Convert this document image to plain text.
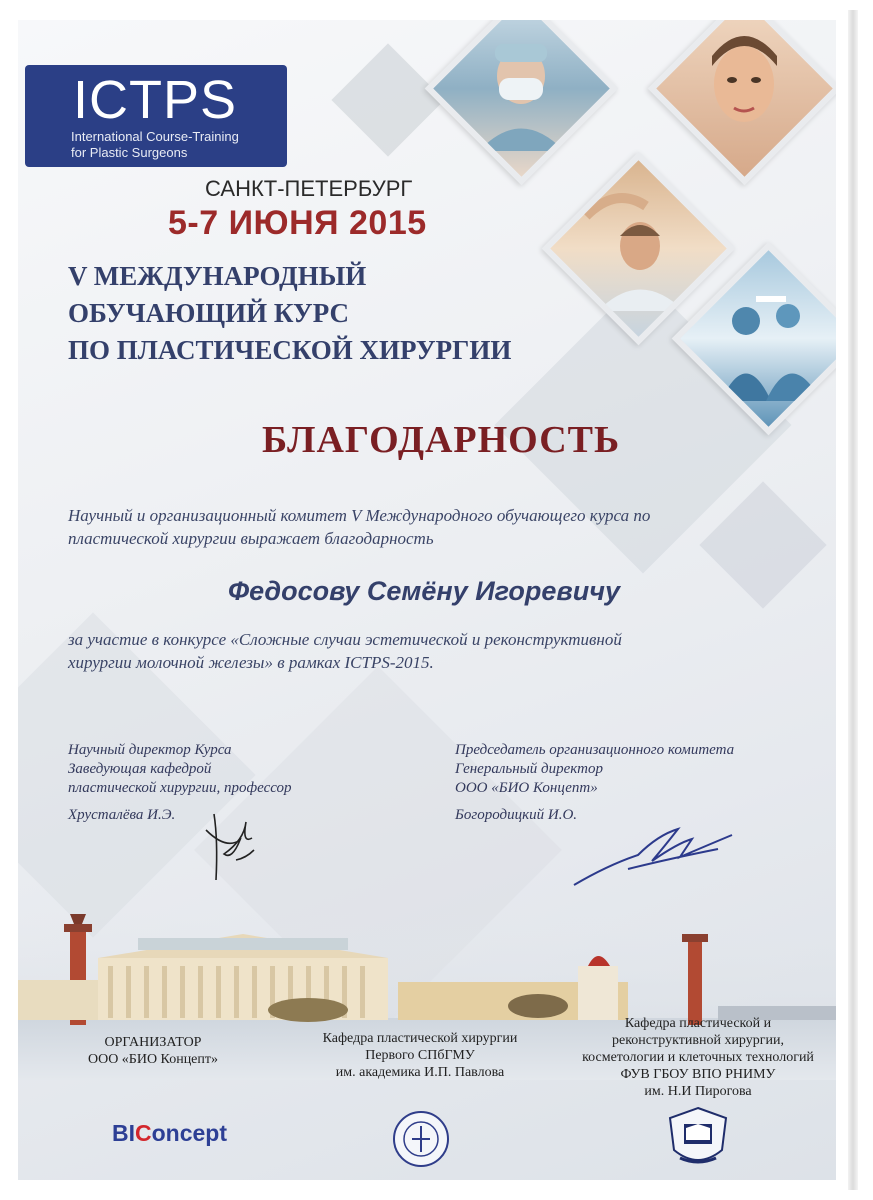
ICTPS
International Course-Training
for Plastic Surgeons
САНКТ-ПЕТЕРБУРГ
5-7 ИЮНЯ 2015
V МЕЖДУНАРОДНЫЙ
ОБУЧАЮЩИЙ КУРС
ПО ПЛАСТИЧЕСКОЙ ХИРУРГИИ
БЛАГОДАРНОСТЬ
Научный и организационный комитет V Международного обучающего курса по
пластической хирургии выражает благодарность
Федосову Семёну Игоревичу
за участие в конкурсе «Сложные случаи эстетической и реконструктивной
хирургии молочной железы» в рамках ICTPS-2015.
Научный директор Курса
Заведующая кафедрой
пластической хирургии, профессор
Хрусталёва И.Э.
Председатель организационного комитета
Генеральный директор
ООО «БИО Концепт»
Богородицкий И.О.
ОРГАНИЗАТОР
ООО «БИО Концепт»
Кафедра пластической хирургии
Первого СПбГМУ
им. академика И.П. Павлова
Кафедра пластической и
реконструктивной хирургии,
косметологии и клеточных технологий
ФУВ ГБОУ ВПО РНИМУ
им. Н.И Пирогова
BIConcept
